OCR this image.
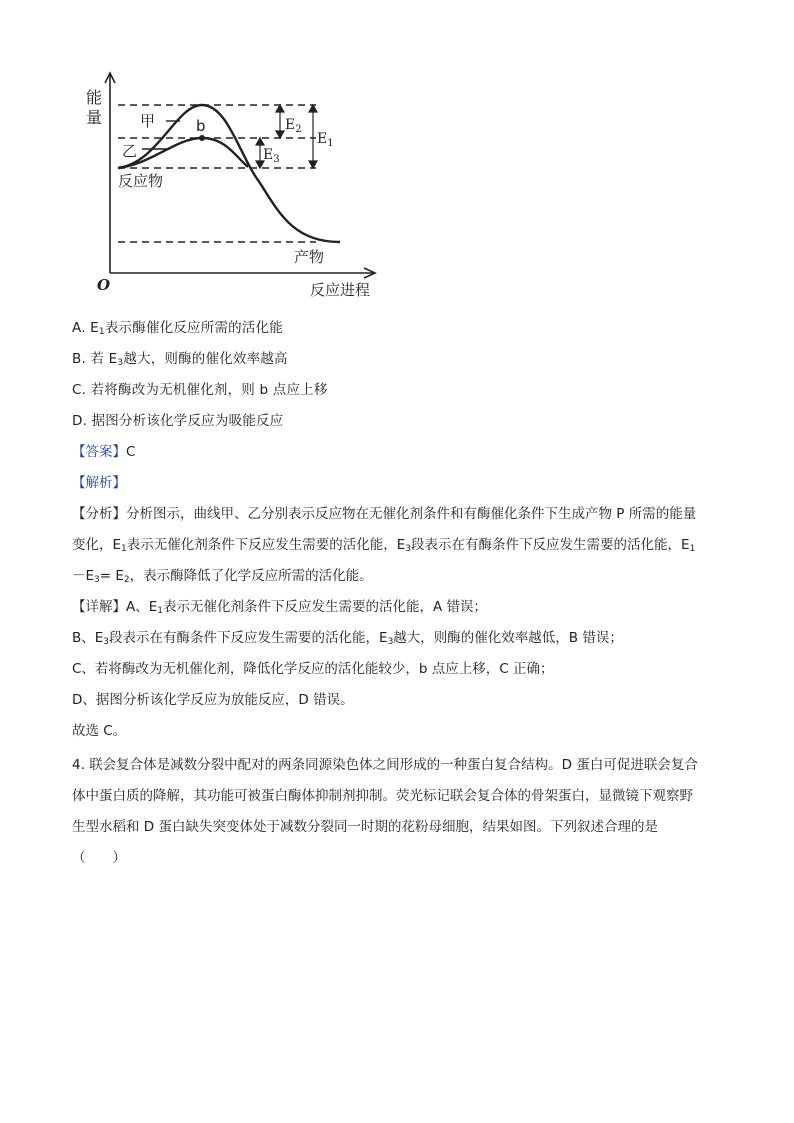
能
量
O	反应进程
甲
乙
b
反应物
产物
$E_2$
$E_1$
$E_3$
A. $E_1$表示酶催化反应所需的活化能
B. 若 $E_3$越大，则酶的催化效率越高
C. 若将酶改为无机催化剂，则 b 点应上移
D. 据图分析该化学反应为吸能反应
【答案】C
【解析】
【分析】分析图示，曲线甲、乙分别表示反应物在无催化剂条件和有酶催化条件下生成产物 P 所需的能量
变化，$E_1$表示无催化剂条件下反应发生需要的活化能，$E_3$段表示在有酶条件下反应发生需要的活化能，$E_1$
$-E_3= E_2$，表示酶降低了化学反应所需的活化能。
【详解】A、$E_1$表示无催化剂条件下反应发生需要的活化能，A 错误；
B、$E_3$段表示在有酶条件下反应发生需要的活化能，$E_3$越大，则酶的催化效率越低，B 错误；
C、若将酶改为无机催化剂，降低化学反应的活化能较少，b 点应上移，C 正确；
D、据图分析该化学反应为放能反应，D 错误。
故选 C。
4. 联会复合体是减数分裂中配对的两条同源染色体之间形成的一种蛋白复合结构。D 蛋白可促进联会复合
体中蛋白质的降解，其功能可被蛋白酶体抑制剂抑制。荧光标记联会复合体的骨架蛋白，显微镜下观察野
生型水稻和 D 蛋白缺失突变体处于减数分裂同一时期的花粉母细胞，结果如图。下列叙述合理的是
（　　）
